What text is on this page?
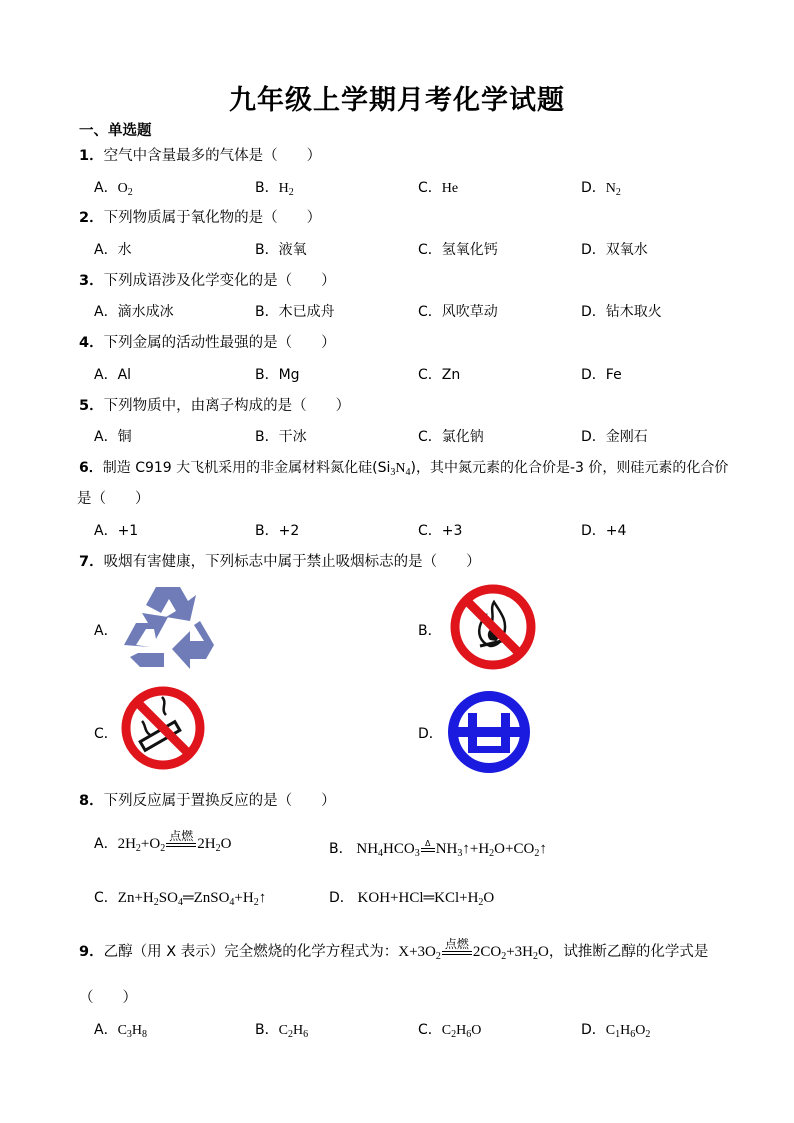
九年级上学期月考化学试题
一、单选题
1．空气中含量最多的气体是（　　）
A．$O_2$	B．$H_2$	C．He	D．$N_2$
2．下列物质属于氧化物的是（　　）
A．水	B．液氧	C．氢氧化钙	D．双氧水
3．下列成语涉及化学变化的是（　　）
A．滴水成冰	B．木已成舟	C．风吹草动	D．钻木取火
4．下列金属的活动性最强的是（　　）
A．Al	B．Mg	C．Zn	D．Fe
5．下列物质中，由离子构成的是（　　）
A．铜	B．干冰	C．氯化钠	D．金刚石
6．制造 C919 大飞机采用的非金属材料氮化硅$(Si_3N_4)$，其中氮元素的化合价是-3 价，则硅元素的化合价
是（　　）
A．+1	B．+2	C．+3	D．+4
7．吸烟有害健康，下列标志中属于禁止吸烟标志的是（　　）
A．	B．
C．	D．
8．下列反应属于置换反应的是（　　）
A．$2H_2+O_2$
点燃
$2H_2O$	B． $NH_4HCO_3$
Δ $NH_3↑+H_2O+CO_2↑$
C．$Zn+H_2SO_4═ZnSO_4+H_2↑$	D． $KOH+HCl═KCl+H_2O$
9．乙醇（用 X 表示）完全燃烧的化学方程式为：$X+3O_2$
点燃
$2CO_2+3H_2O$，试推断乙醇的化学式是
（　　）
A．$C_3H_8$	B．$C_2H_6$	C．$C_2H_6O$	D．$C_1H_6O_2$
